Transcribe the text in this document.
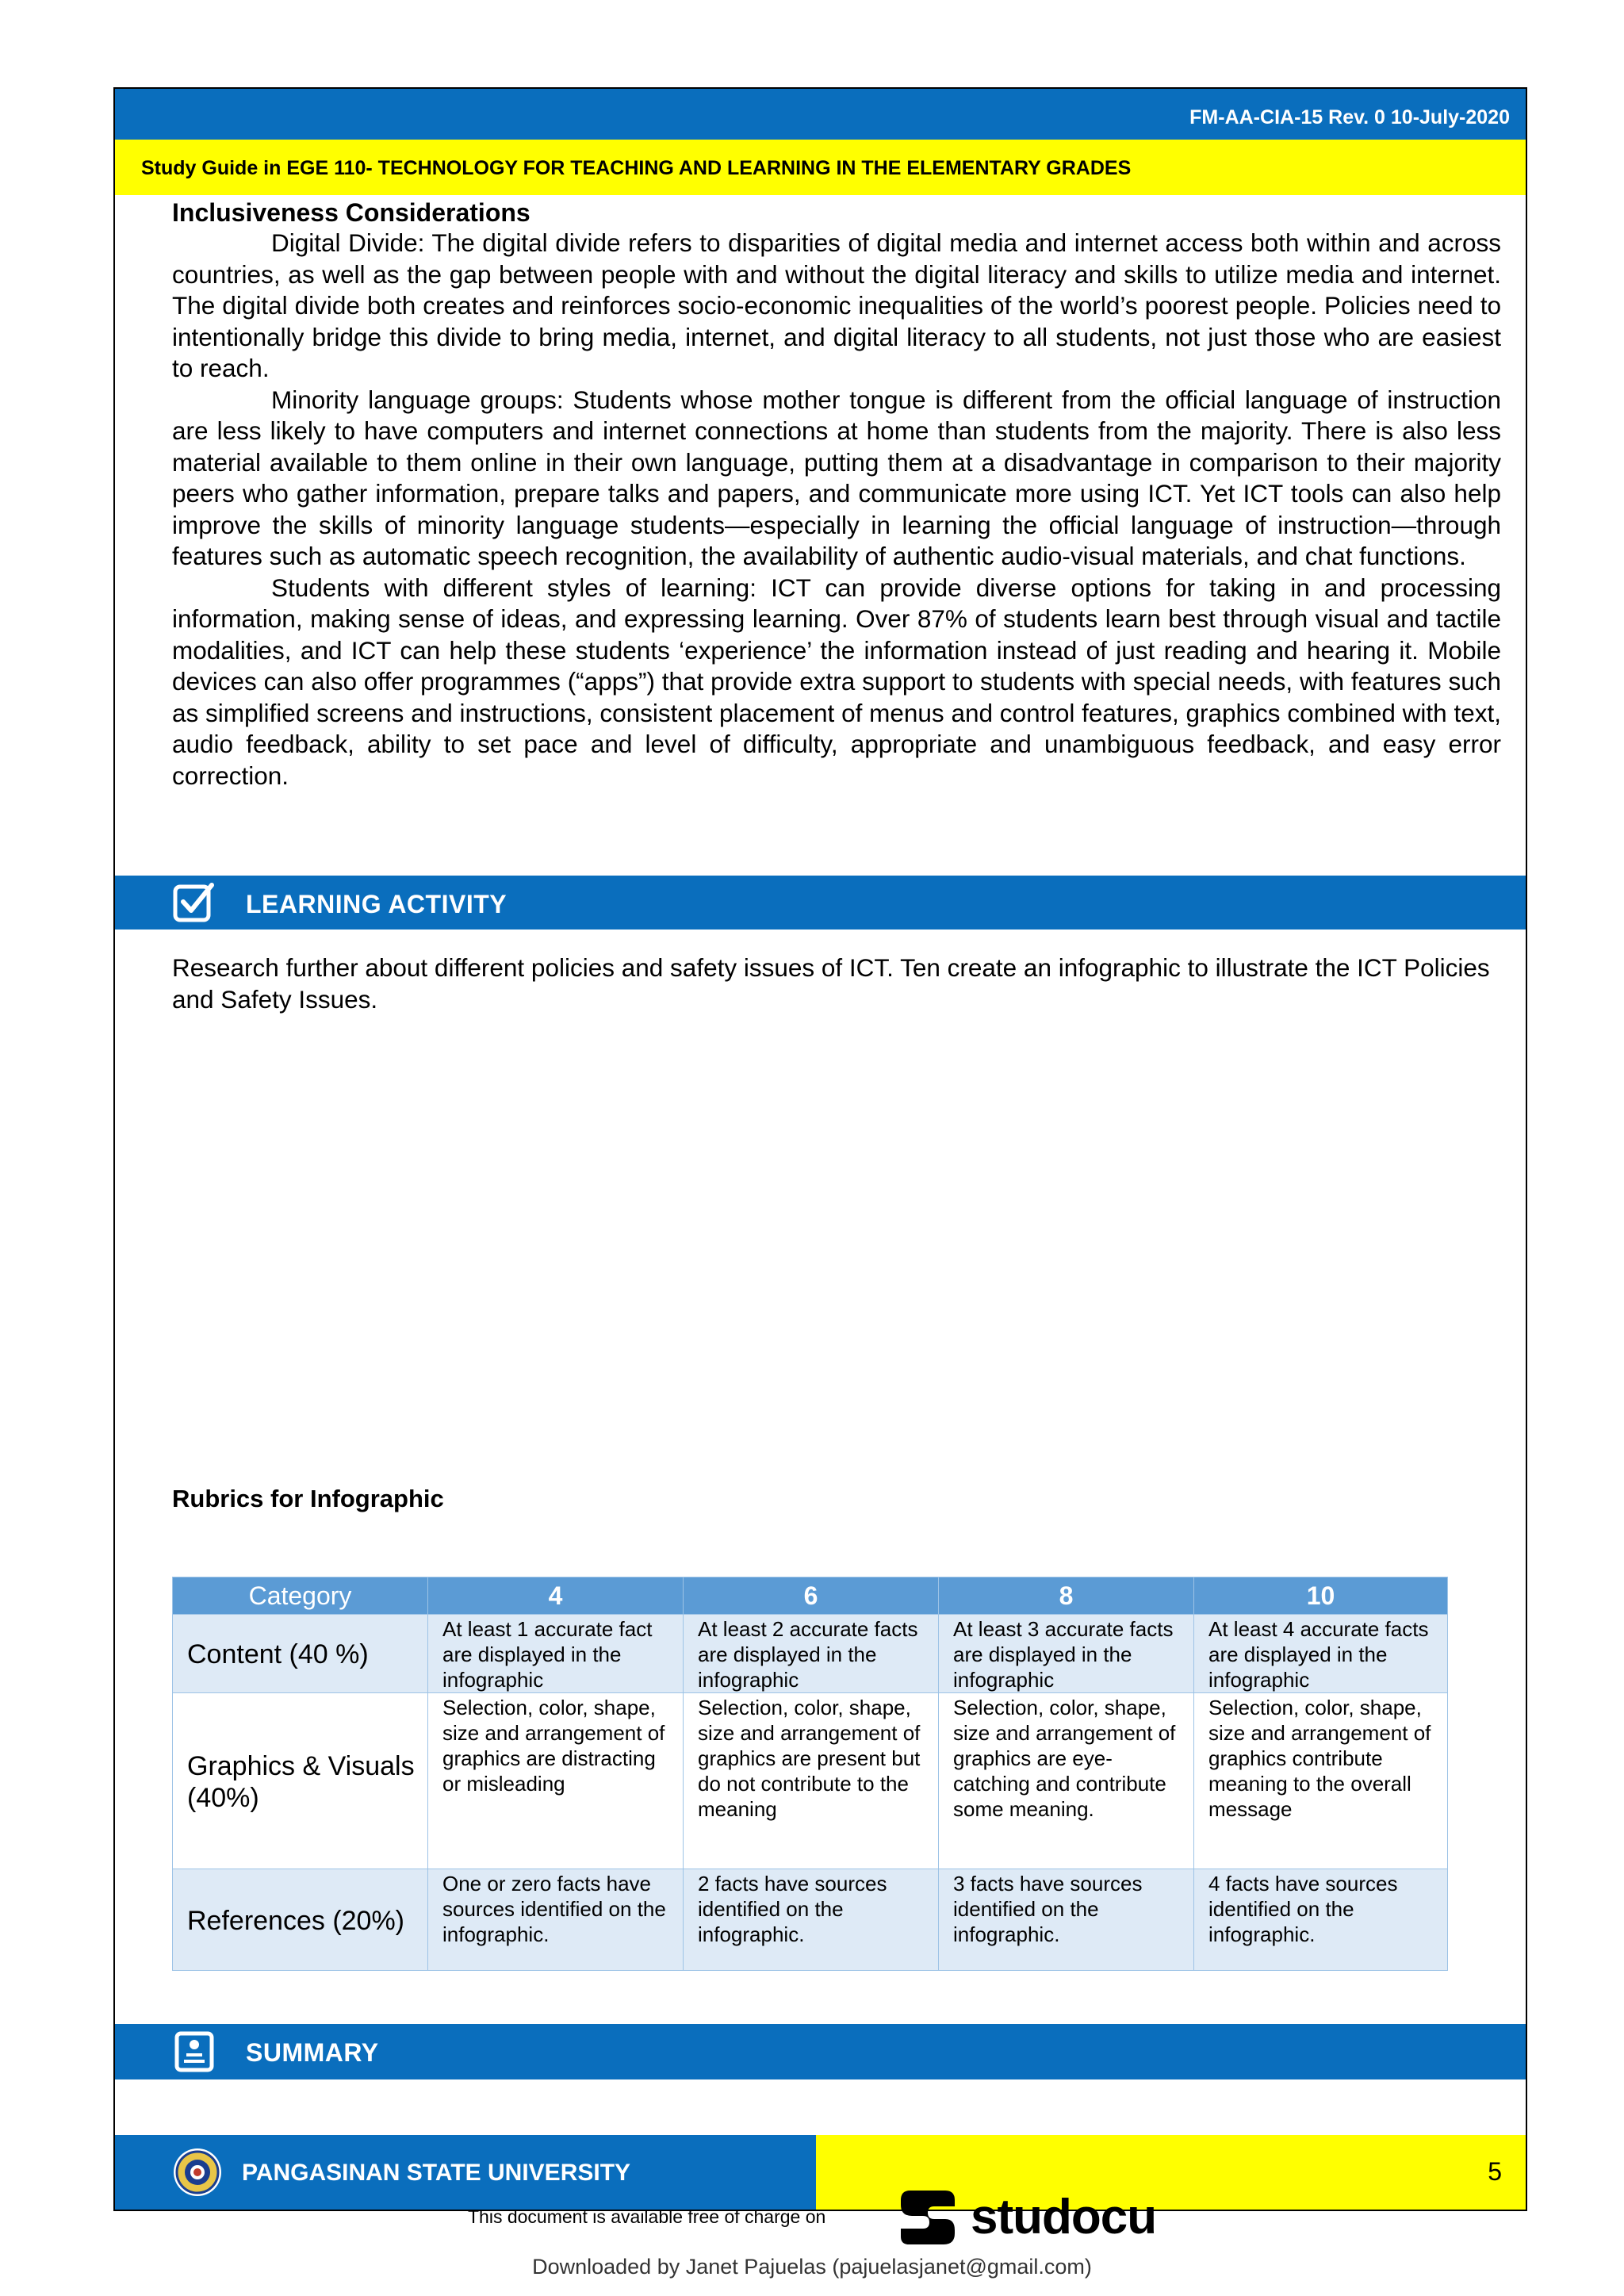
FM-AA-CIA-15 Rev. 0 10-July-2020
Study Guide in EGE 110- TECHNOLOGY FOR TEACHING AND LEARNING IN THE ELEMENTARY GRADES
Inclusiveness Considerations

Digital Divide: The digital divide refers to disparities of digital media and internet access both within and across countries, as well as the gap between people with and without the digital literacy and skills to utilize media and internet. The digital divide both creates and reinforces socio-economic inequalities of the world’s poorest people. Policies need to intentionally bridge this divide to bring media, internet, and digital literacy to all students, not just those who are easiest to reach.

Minority language groups: Students whose mother tongue is different from the official language of instruction are less likely to have computers and internet connections at home than students from the majority. There is also less material available to them online in their own language, putting them at a disadvantage in comparison to their majority peers who gather information, prepare talks and papers, and communicate more using ICT. Yet ICT tools can also help improve the skills of minority language students—especially in learning the official language of instruction—through features such as automatic speech recognition, the availability of authentic audio-visual materials, and chat functions.

Students with different styles of learning: ICT can provide diverse options for taking in and processing information, making sense of ideas, and expressing learning. Over 87% of students learn best through visual and tactile modalities, and ICT can help these students ‘experience’ the information instead of just reading and hearing it. Mobile devices can also offer programmes (“apps”) that provide extra support to students with special needs, with features such as simplified screens and instructions, consistent placement of menus and control features, graphics combined with text, audio feedback, ability to set pace and level of difficulty, appropriate and unambiguous feedback, and easy error correction.

LEARNING ACTIVITY

Research further about different policies and safety issues of ICT. Ten create an infographic to illustrate the ICT Policies and Safety Issues.

Rubrics for Infographic
Category	4	6	8	10
Content (40 %)	At least 1 accurate fact are displayed in the infographic	At least 2 accurate facts are displayed in the infographic	At least 3 accurate facts are displayed in the infographic	At least 4 accurate facts are displayed in the infographic
Graphics & Visuals (40%)	Selection, color, shape, size and arrangement of graphics are distracting or misleading	Selection, color, shape, size and arrangement of graphics are present but do not contribute to the meaning	Selection, color, shape, size and arrangement of graphics are eye-catching and contribute some meaning.	Selection, color, shape, size and arrangement of graphics contribute meaning to the overall message
References (20%)	One or zero facts have sources identified on the infographic.	2 facts have sources identified on the infographic.	3 facts have sources identified on the infographic.	4 facts have sources identified on the infographic.
SUMMARY
PANGASINAN STATE UNIVERSITY	5
This document is available free of charge on	studocu
Downloaded by Janet Pajuelas (pajuelasjanet@gmail.com)
